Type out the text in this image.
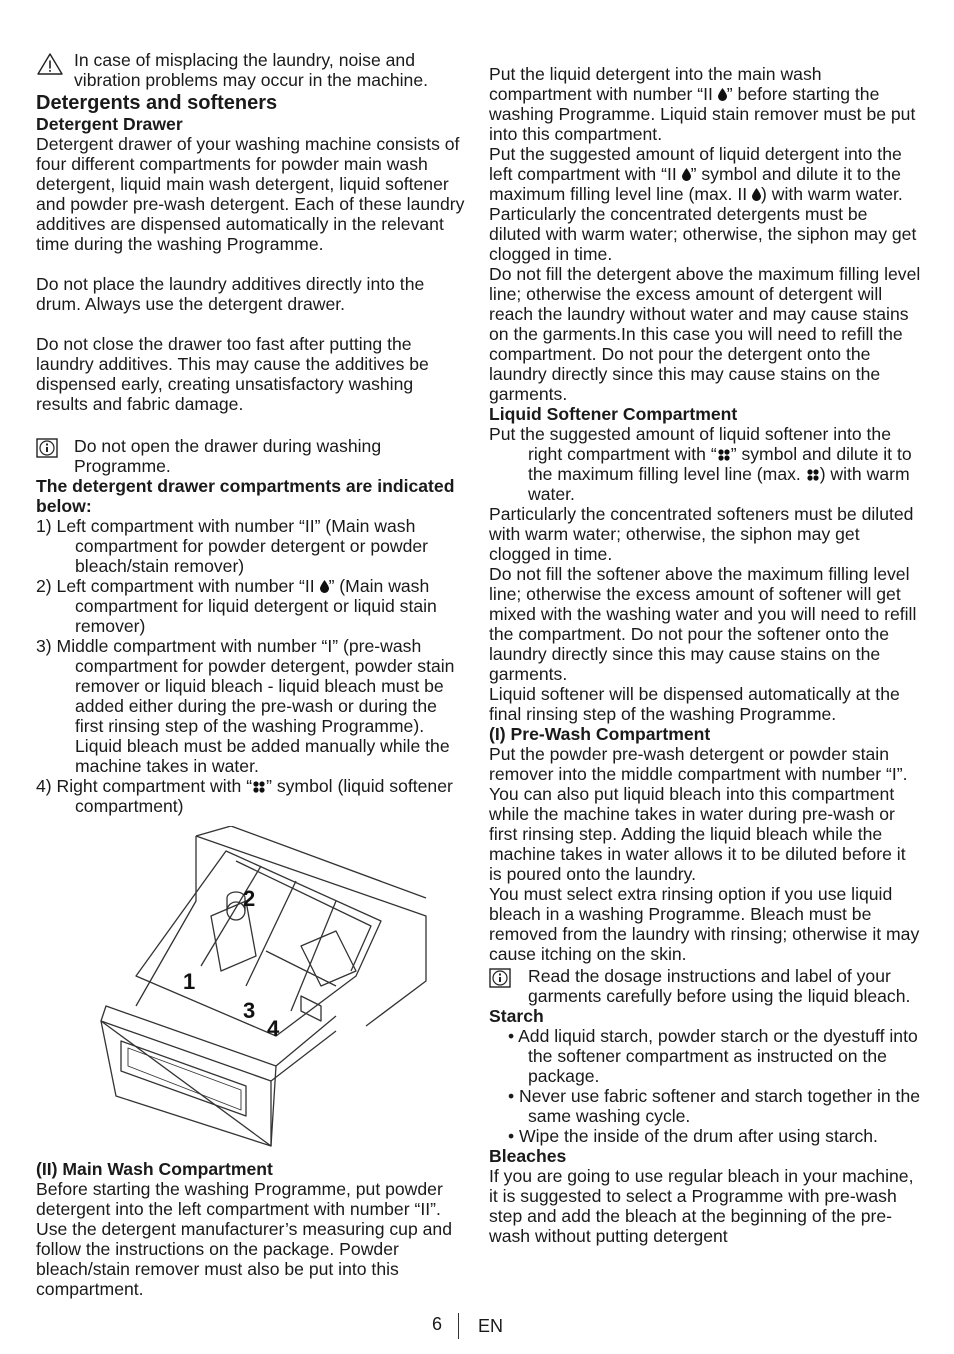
In case of misplacing the laundry, noise and vibration problems may occur in the machine.

Detergents and softeners

Detergent Drawer

Detergent drawer of your washing machine consists of four different compartments for powder main wash detergent, liquid main wash detergent, liquid softener and powder pre-wash detergent. Each of these laundry additives are dispensed automatically in the relevant time during the washing Programme.

Do not place the laundry additives directly into the drum. Always use the detergent drawer.

Do not close the drawer too fast after putting the laundry additives. This may cause the additives be dispensed early, creating unsatisfactory washing results and fabric damage.

Do not open the drawer during washing Programme.

The detergent drawer compartments are indicated below:

1) Left compartment with number “II” (Main wash compartment for powder detergent or powder bleach/stain remover)

2) Left compartment with number “II ” (Main wash compartment for liquid detergent or liquid stain remover)

3) Middle compartment with number “I” (pre-wash compartment for powder detergent, powder stain remover or liquid bleach - liquid bleach must be added either during the pre-wash or during the first rinsing step of the washing Programme). Liquid bleach must be added manually while the machine takes in water.

4) Right compartment with “ ” symbol (liquid softener compartment)

2
1
3
4

(II) Main Wash Compartment

Before starting the washing Programme, put powder detergent into the left compartment with number “II”. Use the detergent manufacturer’s measuring cup and follow the instructions on the package. Powder bleach/stain remover must also be put into this compartment.

Put the liquid detergent into the main wash compartment with number “II ” before starting the washing Programme. Liquid stain remover must be put into this compartment.

Put the suggested amount of liquid detergent into the left compartment with “II ” symbol and dilute it to the maximum filling level line (max. II ) with warm water.

Particularly the concentrated detergents must be diluted with warm water; otherwise, the siphon may get clogged in time.

Do not fill the detergent above the maximum filling level line; otherwise the excess amount of detergent will reach the laundry without water and may cause stains on the garments.In this case you will need to refill the compartment. Do not pour the detergent onto the laundry directly since this may cause stains on the garments.

Liquid Softener Compartment

Put the suggested amount of liquid softener into the right compartment with “ ” symbol and dilute it to the maximum filling level line (max. ) with warm water.

Particularly the concentrated softeners must be diluted with warm water; otherwise, the siphon may get clogged in time.

Do not fill the softener above the maximum filling level line; otherwise the excess amount of softener will get mixed with the washing water and you will need to refill the compartment. Do not pour the softener onto the laundry directly since this may cause stains on the garments.

Liquid softener will be dispensed automatically at the final rinsing step of the washing Programme.

(I) Pre-Wash Compartment

Put the powder pre-wash detergent or powder stain remover into the middle compartment with number “I”.

You can also put liquid bleach into this compartment while the machine takes in water during pre-wash or first rinsing step. Adding the liquid bleach while the machine takes in water allows it to be diluted before it is poured onto the laundry.

You must select extra rinsing option if you use liquid bleach in a washing Programme. Bleach must be removed from the laundry with rinsing; otherwise it may cause itching on the skin.

Read the dosage instructions and label of your garments carefully before using the liquid bleach.

Starch

• Add liquid starch, powder starch or the dyestuff into the softener compartment as instructed on the package.

• Never use fabric softener and starch together in the same washing cycle.

• Wipe the inside of the drum after using starch.

Bleaches

If you are going to use regular bleach in your machine, it is suggested to select a Programme with pre-wash step and add the bleach at the beginning of the pre-wash without putting detergent

6 EN
